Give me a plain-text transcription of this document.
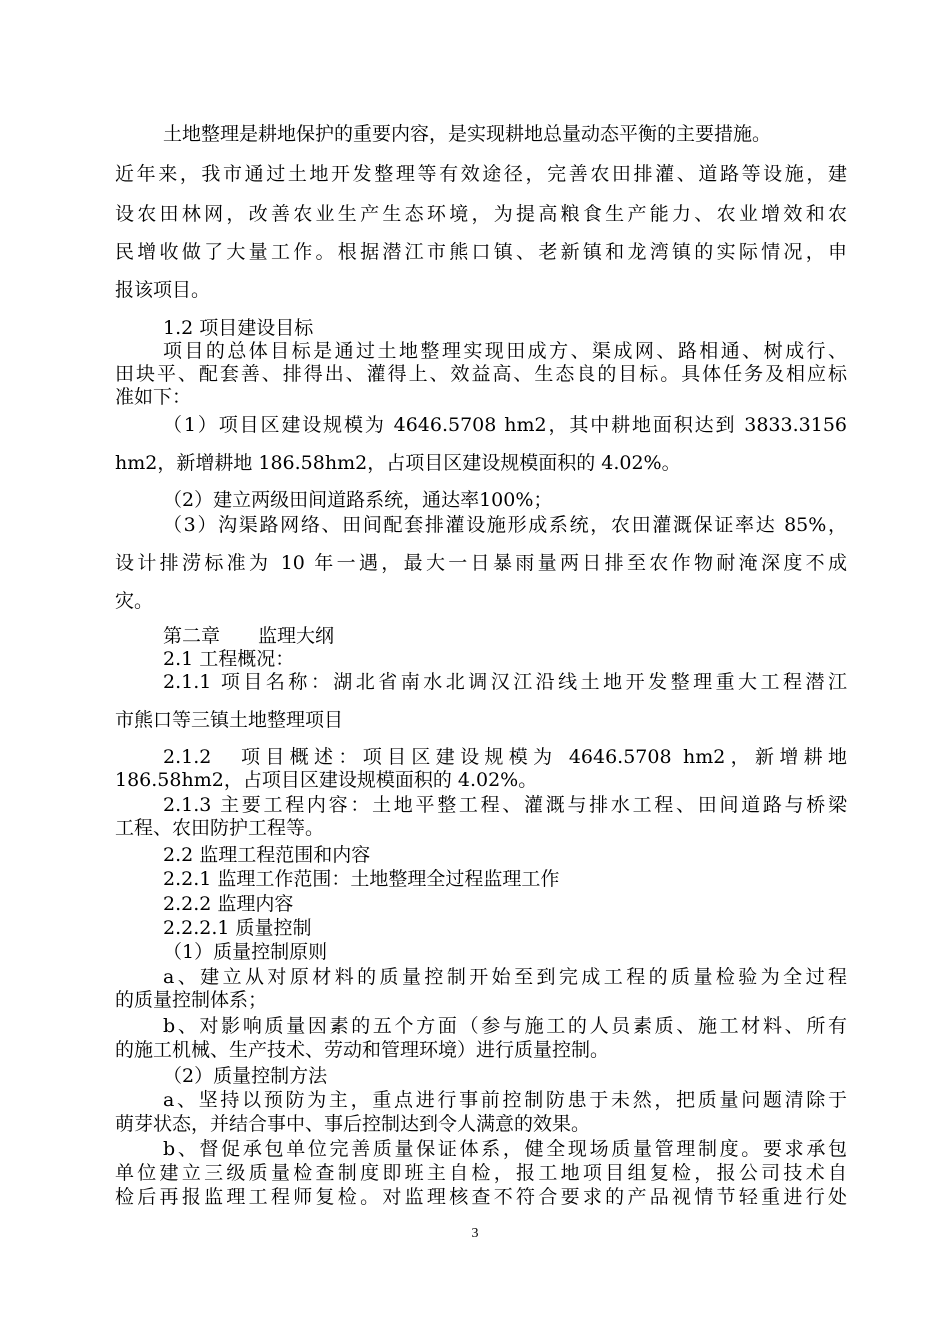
土地整理是耕地保护的重要内容，是实现耕地总量动态平衡的主要措施。

近年来，我市通过土地开发整理等有效途径，完善农田排灌、道路等设施，建

设农田林网，改善农业生产生态环境，为提高粮食生产能力、农业增效和农

民增收做了大量工作。根据潜江市熊口镇、老新镇和龙湾镇的实际情况，申

报该项目。

1.2 项目建设目标

项目的总体目标是通过土地整理实现田成方、渠成网、路相通、树成行、

田块平、配套善、排得出、灌得上、效益高、生态良的目标。具体任务及相应标

准如下：

（1）项目区建设规模为 4646.5708 hm2，其中耕地面积达到 3833.3156

hm2，新增耕地 186.58hm2，占项目区建设规模面积的 4.02%。

（2）建立两级田间道路系统，通达率100%；

（3）沟渠路网络、田间配套排灌设施形成系统，农田灌溉保证率达 85%，

设计排涝标准为 10 年一遇，最大一日暴雨量两日排至农作物耐淹深度不成

灾。

第二章　　监理大纲

2.1 工程概况：

2.1.1 项目名称：湖北省南水北调汉江沿线土地开发整理重大工程潜江

市熊口等三镇土地整理项目

2.1.2　项目概述：项目区建设规模为 4646.5708 hm2，新增耕地

186.58hm2，占项目区建设规模面积的 4.02%。

2.1.3 主要工程内容：土地平整工程、灌溉与排水工程、田间道路与桥梁

工程、农田防护工程等。

2.2 监理工程范围和内容

2.2.1 监理工作范围：土地整理全过程监理工作

2.2.2 监理内容

2.2.2.1 质量控制

（1）质量控制原则

a、建立从对原材料的质量控制开始至到完成工程的质量检验为全过程

的质量控制体系；

b、对影响质量因素的五个方面（参与施工的人员素质、施工材料、所有

的施工机械、生产技术、劳动和管理环境）进行质量控制。

（2）质量控制方法

a、坚持以预防为主，重点进行事前控制防患于未然，把质量问题清除于

萌芽状态，并结合事中、事后控制达到令人满意的效果。

b、督促承包单位完善质量保证体系，健全现场质量管理制度。要求承包

单位建立三级质量检查制度即班主自检，报工地项目组复检，报公司技术自

检后再报监理工程师复检。对监理核查不符合要求的产品视情节轻重进行处

3
